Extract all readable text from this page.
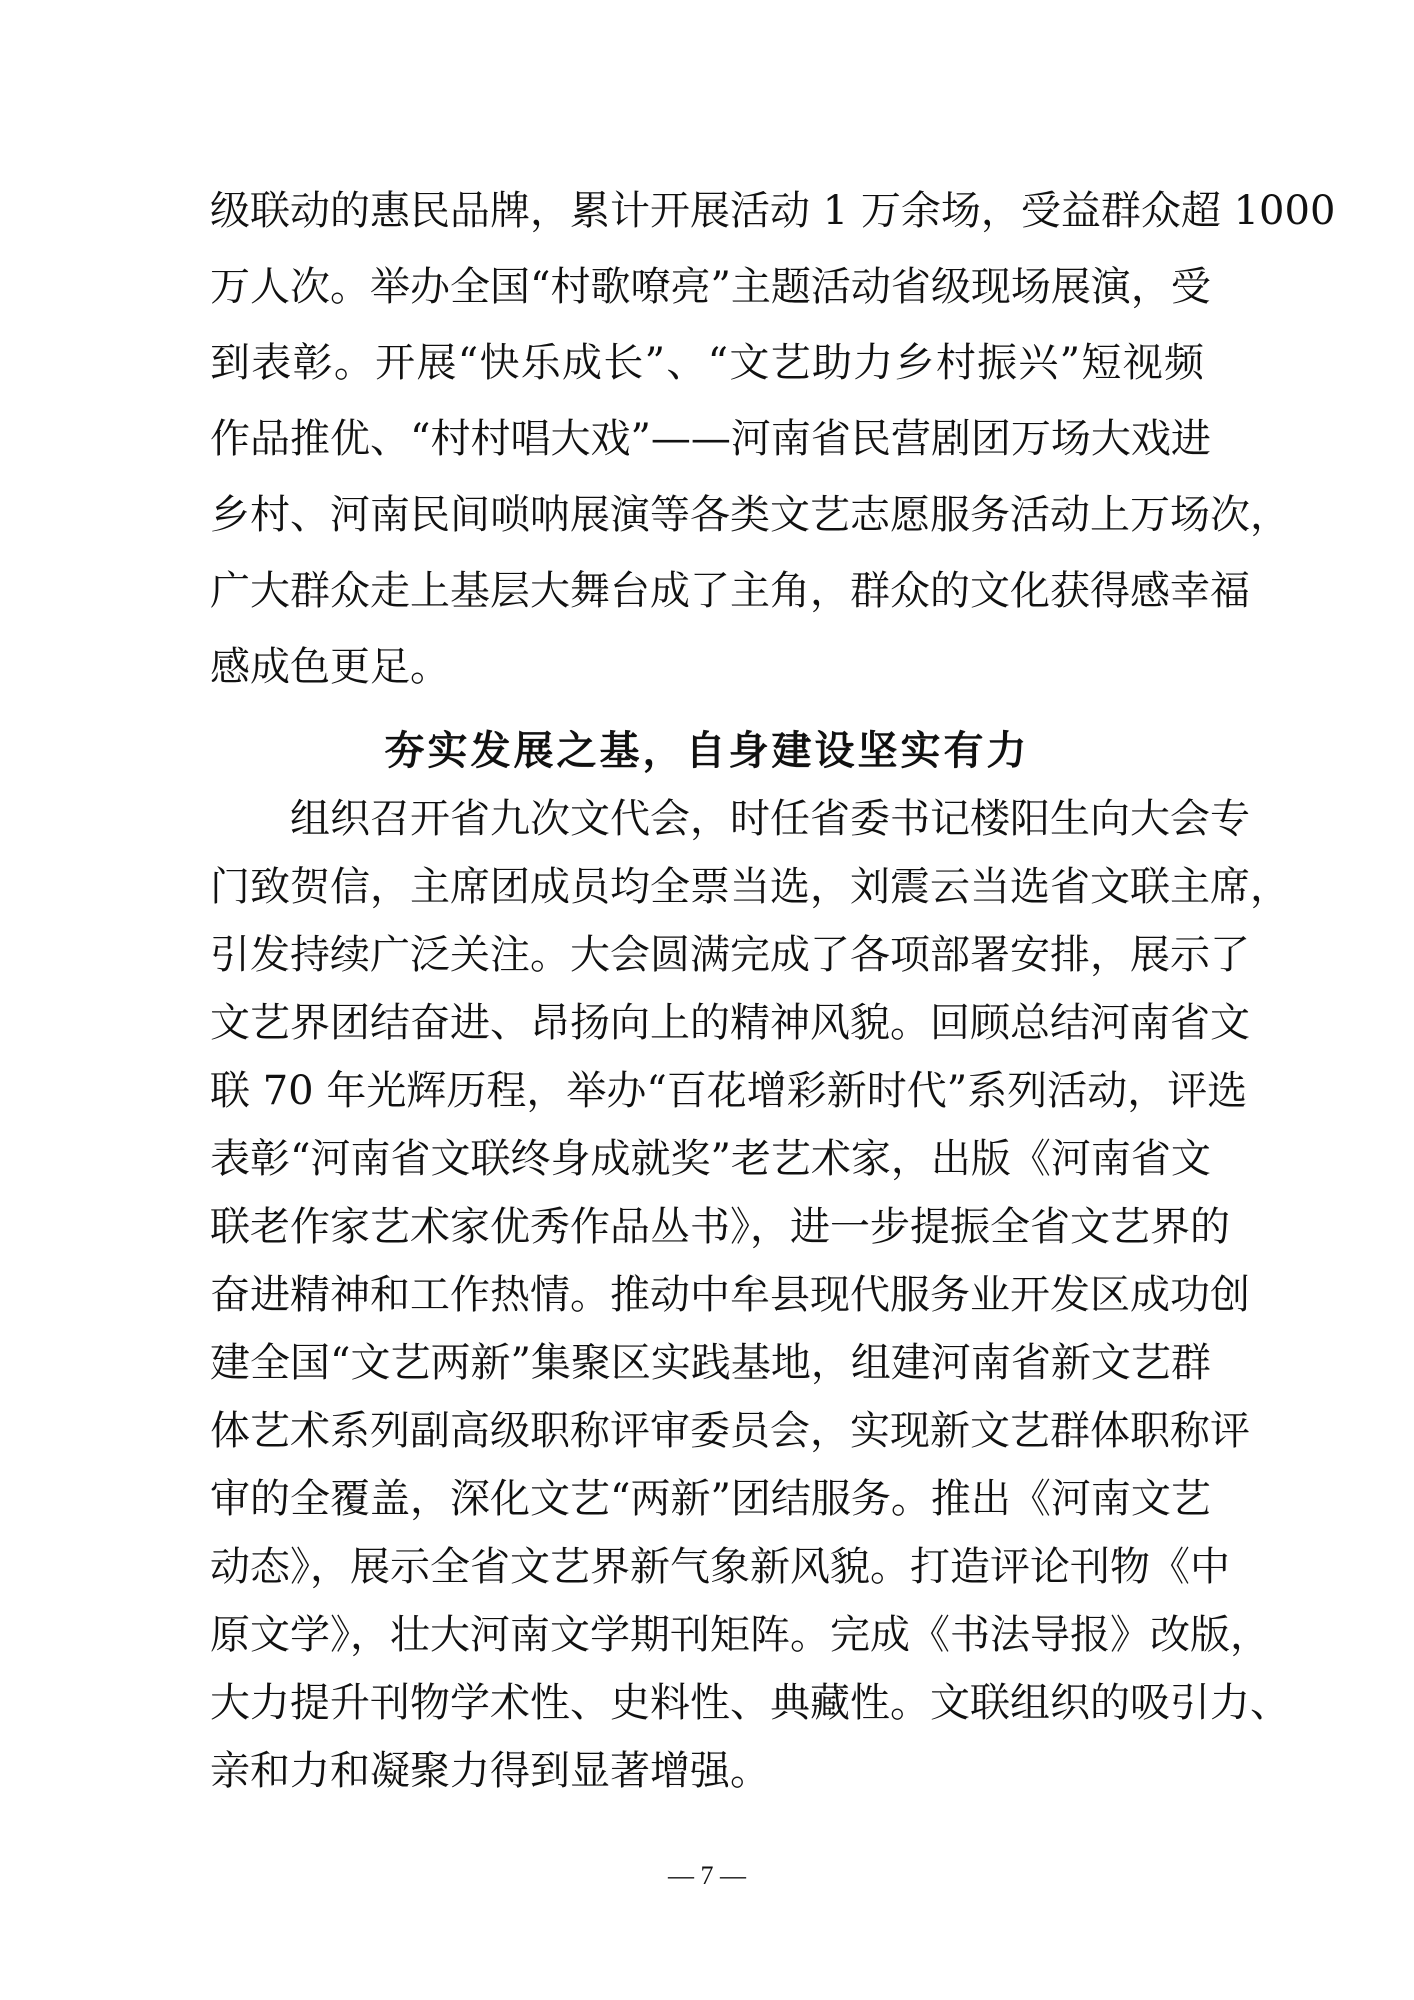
级联动的惠民品牌，累计开展活动 1 万余场，受益群众超 1000
万人次。举办全国“村歌嘹亮”主题活动省级现场展演，受
到表彰。开展“快乐成长”、“文艺助力乡村振兴”短视频
作品推优、“村村唱大戏”——河南省民营剧团万场大戏进
乡村、河南民间唢呐展演等各类文艺志愿服务活动上万场次，
广大群众走上基层大舞台成了主角，群众的文化获得感幸福
感成色更足。
夯实发展之基，自身建设坚实有力
组织召开省九次文代会，时任省委书记楼阳生向大会专
门致贺信，主席团成员均全票当选，刘震云当选省文联主席，
引发持续广泛关注。大会圆满完成了各项部署安排，展示了
文艺界团结奋进、昂扬向上的精神风貌。回顾总结河南省文
联 70 年光辉历程，举办“百花增彩新时代”系列活动，评选
表彰“河南省文联终身成就奖”老艺术家，出版《河南省文
联老作家艺术家优秀作品丛书》，进一步提振全省文艺界的
奋进精神和工作热情。推动中牟县现代服务业开发区成功创
建全国“文艺两新”集聚区实践基地，组建河南省新文艺群
体艺术系列副高级职称评审委员会，实现新文艺群体职称评
审的全覆盖，深化文艺“两新”团结服务。推出《河南文艺
动态》，展示全省文艺界新气象新风貌。打造评论刊物《中
原文学》，壮大河南文学期刊矩阵。完成《书法导报》改版，
大力提升刊物学术性、史料性、典藏性。文联组织的吸引力、
亲和力和凝聚力得到显著增强。
— 7 —
